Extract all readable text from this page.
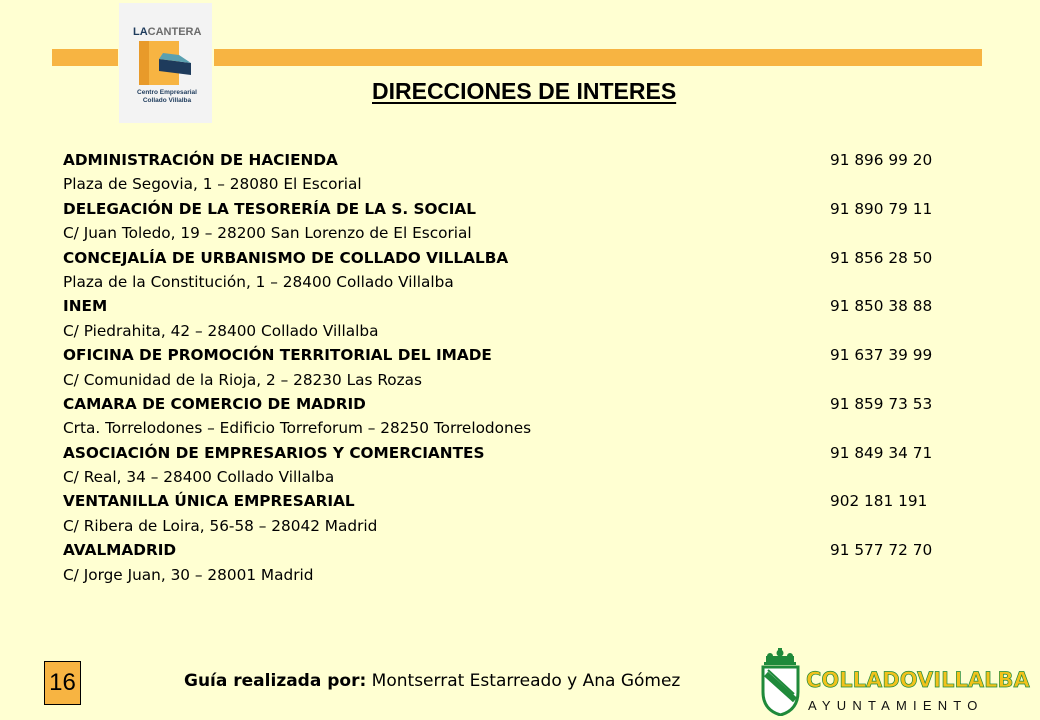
LACANTERA
Centro Empresarial
Collado Villalba	DIRECCIONES DE INTERES
ADMINISTRACIÓN DE HACIENDA	91 896 99 20
Plaza de Segovia, 1 – 28080 El Escorial
DELEGACIÓN DE LA TESORERÍA DE LA S. SOCIAL	91 890 79 11
C/ Juan Toledo, 19 – 28200 San Lorenzo de El Escorial
CONCEJALÍA DE URBANISMO DE COLLADO VILLALBA	91 856 28 50
Plaza de la Constitución, 1 – 28400 Collado Villalba
INEM	91 850 38 88
C/ Piedrahita, 42 – 28400 Collado Villalba
OFICINA DE PROMOCIÓN TERRITORIAL DEL IMADE	91 637 39 99
C/ Comunidad de la Rioja, 2 – 28230 Las Rozas
CAMARA DE COMERCIO DE MADRID	91 859 73 53
Crta. Torrelodones – Edificio Torreforum – 28250 Torrelodones
ASOCIACIÓN DE EMPRESARIOS Y COMERCIANTES	91 849 34 71
C/ Real, 34 – 28400 Collado Villalba
VENTANILLA ÚNICA EMPRESARIAL	902 181 191
C/ Ribera de Loira, 56-58 – 28042 Madrid
AVALMADRID	91 577 72 70
C/ Jorge Juan, 30 – 28001 Madrid
16	Guía realizada por: Montserrat Estarreado y Ana Gómez	COLLADOVILLALBA
AYUNTAMIENTO
